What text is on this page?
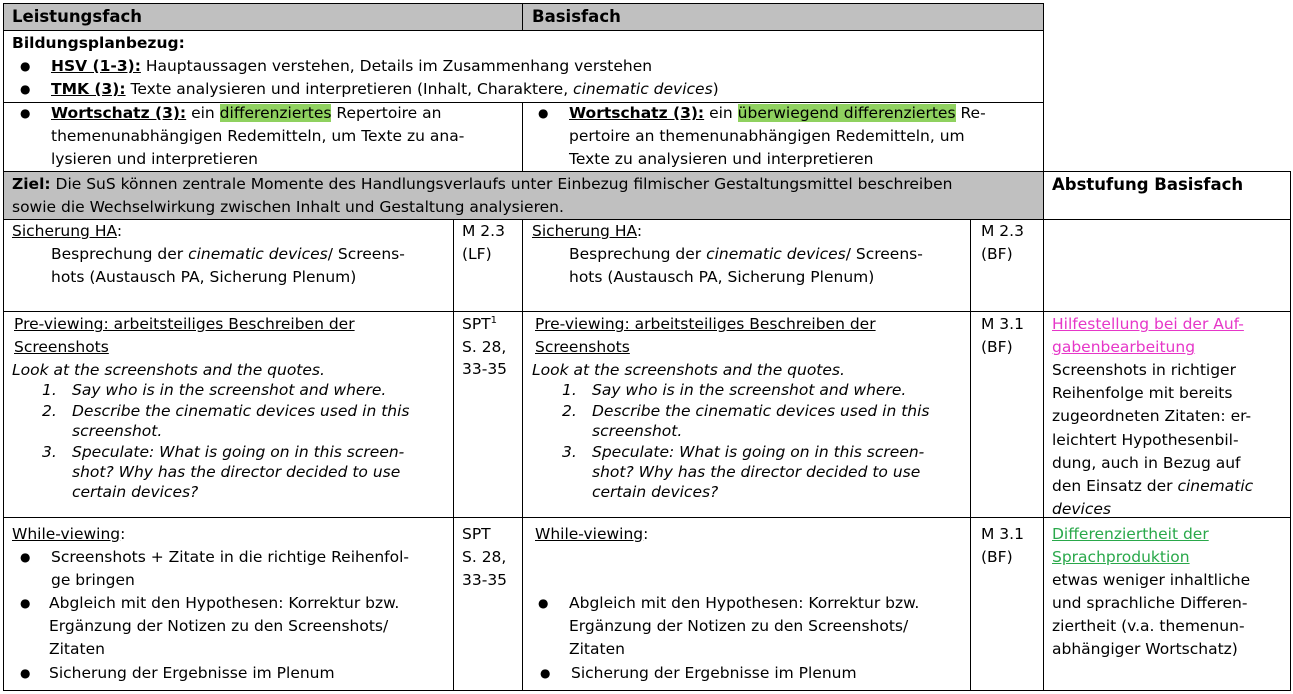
Leistungsfach	Basisfach
Bildungsplanbezug:
● HSV (1-3): Hauptaussagen verstehen, Details im Zusammenhang verstehen
● TMK (3): Texte analysieren und interpretieren (Inhalt, Charaktere, cinematic devices)
● Wortschatz (3): ein differenziertes Repertoire an
themenunabhängigen Redemitteln, um Texte zu ana-
lysieren und interpretieren
● Wortschatz (3): ein überwiegend differenziertes Re-
pertoire an themenunabhängigen Redemitteln, um
Texte zu analysieren und interpretieren
Ziel: Die SuS können zentrale Momente des Handlungsverlaufs unter Einbezug filmischer Gestaltungsmittel beschreiben
sowie die Wechselwirkung zwischen Inhalt und Gestaltung analysieren.
Abstufung Basisfach
Sicherung HA:
Besprechung der cinematic devices/ Screens-
hots (Austausch PA, Sicherung Plenum)
M 2.3
(LF)
Sicherung HA:
Besprechung der cinematic devices/ Screens-
hots (Austausch PA, Sicherung Plenum)
M 2.3
(BF)
Pre-viewing: arbeitsteiliges Beschreiben der
Screenshots
Look at the screenshots and the quotes.
1. Say who is in the screenshot and where.
2. Describe the cinematic devices used in this
screenshot.
3. Speculate: What is going on in this screen-
shot? Why has the director decided to use
certain devices?
SPT$^1$
S. 28,
33-35
Pre-viewing: arbeitsteiliges Beschreiben der
Screenshots
Look at the screenshots and the quotes.
1. Say who is in the screenshot and where.
2. Describe the cinematic devices used in this
screenshot.
3. Speculate: What is going on in this screen-
shot? Why has the director decided to use
certain devices?
M 3.1
(BF)
Hilfestellung bei der Auf-
gabenbearbeitung
Screenshots in richtiger
Reihenfolge mit bereits
zugeordneten Zitaten: er-
leichtert Hypothesenbil-
dung, auch in Bezug auf
den Einsatz der cinematic
devices
While-viewing:
● Screenshots + Zitate in die richtige Reihenfol-
ge bringen
● Abgleich mit den Hypothesen: Korrektur bzw.
Ergänzung der Notizen zu den Screenshots/
Zitaten
● Sicherung der Ergebnisse im Plenum
SPT
S. 28,
33-35
While-viewing:
● Abgleich mit den Hypothesen: Korrektur bzw.
Ergänzung der Notizen zu den Screenshots/
Zitaten
● Sicherung der Ergebnisse im Plenum
M 3.1
(BF)
Differenziertheit der
Sprachproduktion
etwas weniger inhaltliche
und sprachliche Differen-
ziertheit (v.a. themenun-
abhängiger Wortschatz)
